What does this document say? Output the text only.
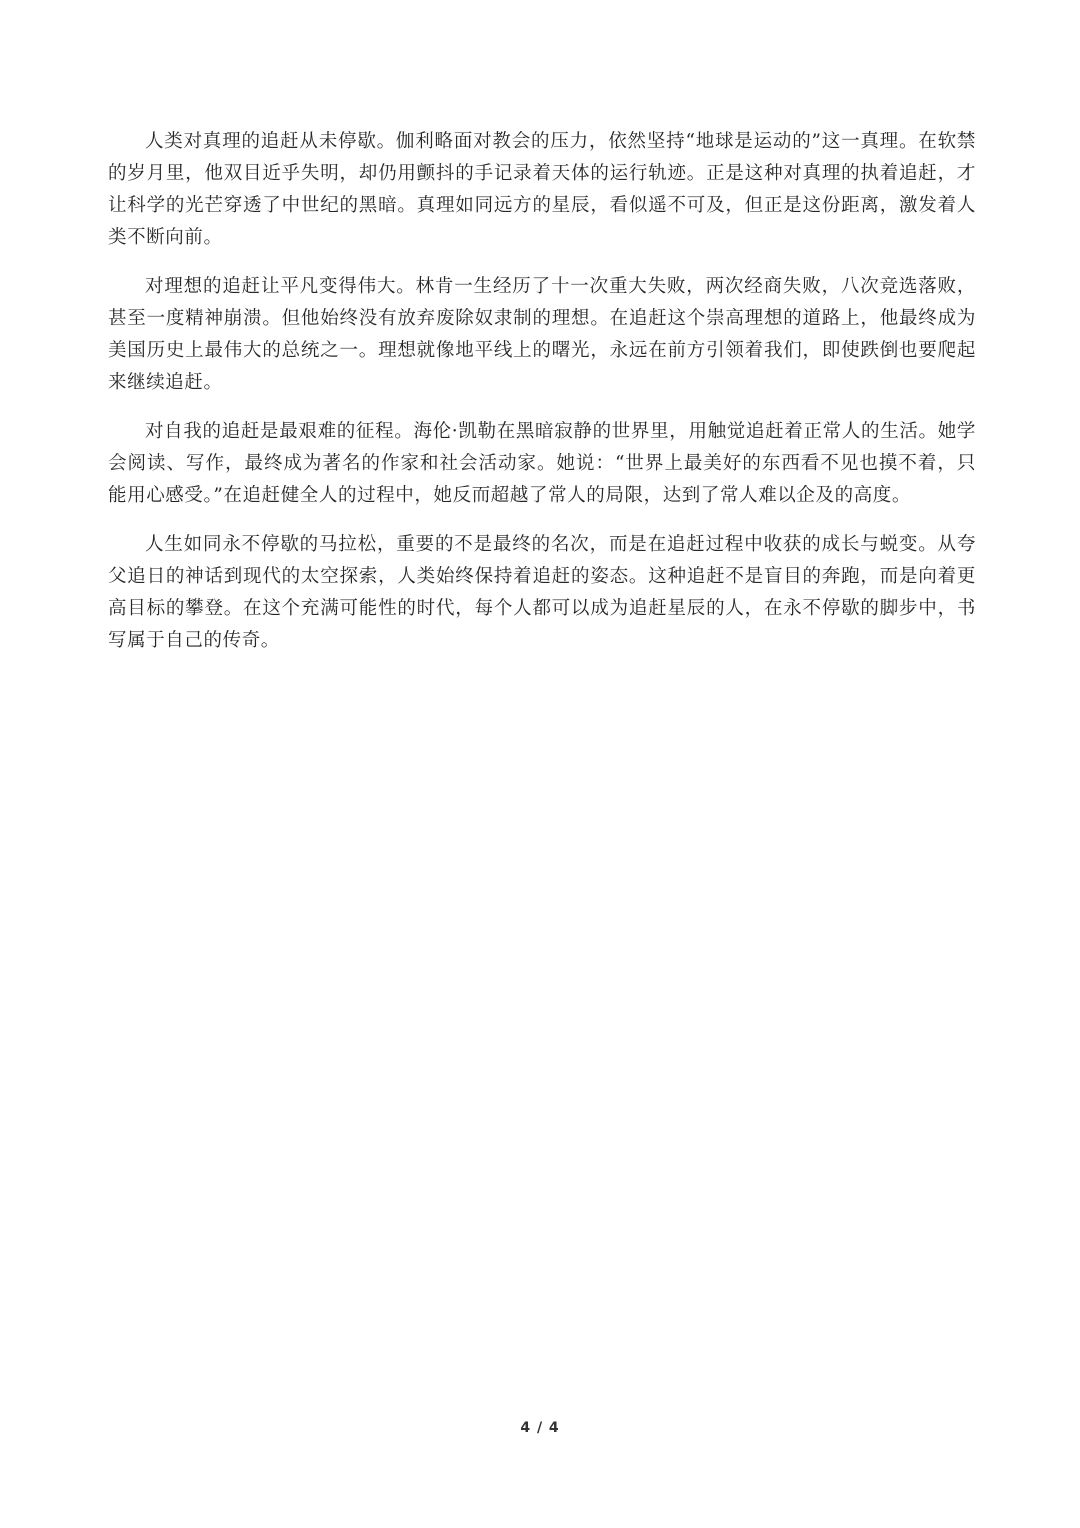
人类对真理的追赶从未停歇。伽利略面对教会的压力，依然坚持“地球是运动的”这一真理。在软禁的岁月里，他双目近乎失明，却仍用颤抖的手记录着天体的运行轨迹。正是这种对真理的执着追赶，才让科学的光芒穿透了中世纪的黑暗。真理如同远方的星辰，看似遥不可及，但正是这份距离，激发着人类不断向前。

对理想的追赶让平凡变得伟大。林肯一生经历了十一次重大失败，两次经商失败，八次竞选落败，甚至一度精神崩溃。但他始终没有放弃废除奴隶制的理想。在追赶这个崇高理想的道路上，他最终成为美国历史上最伟大的总统之一。理想就像地平线上的曙光，永远在前方引领着我们，即使跌倒也要爬起来继续追赶。

对自我的追赶是最艰难的征程。海伦·凯勒在黑暗寂静的世界里，用触觉追赶着正常人的生活。她学会阅读、写作，最终成为著名的作家和社会活动家。她说：“世界上最美好的东西看不见也摸不着，只能用心感受。”在追赶健全人的过程中，她反而超越了常人的局限，达到了常人难以企及的高度。

人生如同永不停歇的马拉松，重要的不是最终的名次，而是在追赶过程中收获的成长与蜕变。从夸父追日的神话到现代的太空探索，人类始终保持着追赶的姿态。这种追赶不是盲目的奔跑，而是向着更高目标的攀登。在这个充满可能性的时代，每个人都可以成为追赶星辰的人，在永不停歇的脚步中，书写属于自己的传奇。

4 / 4
